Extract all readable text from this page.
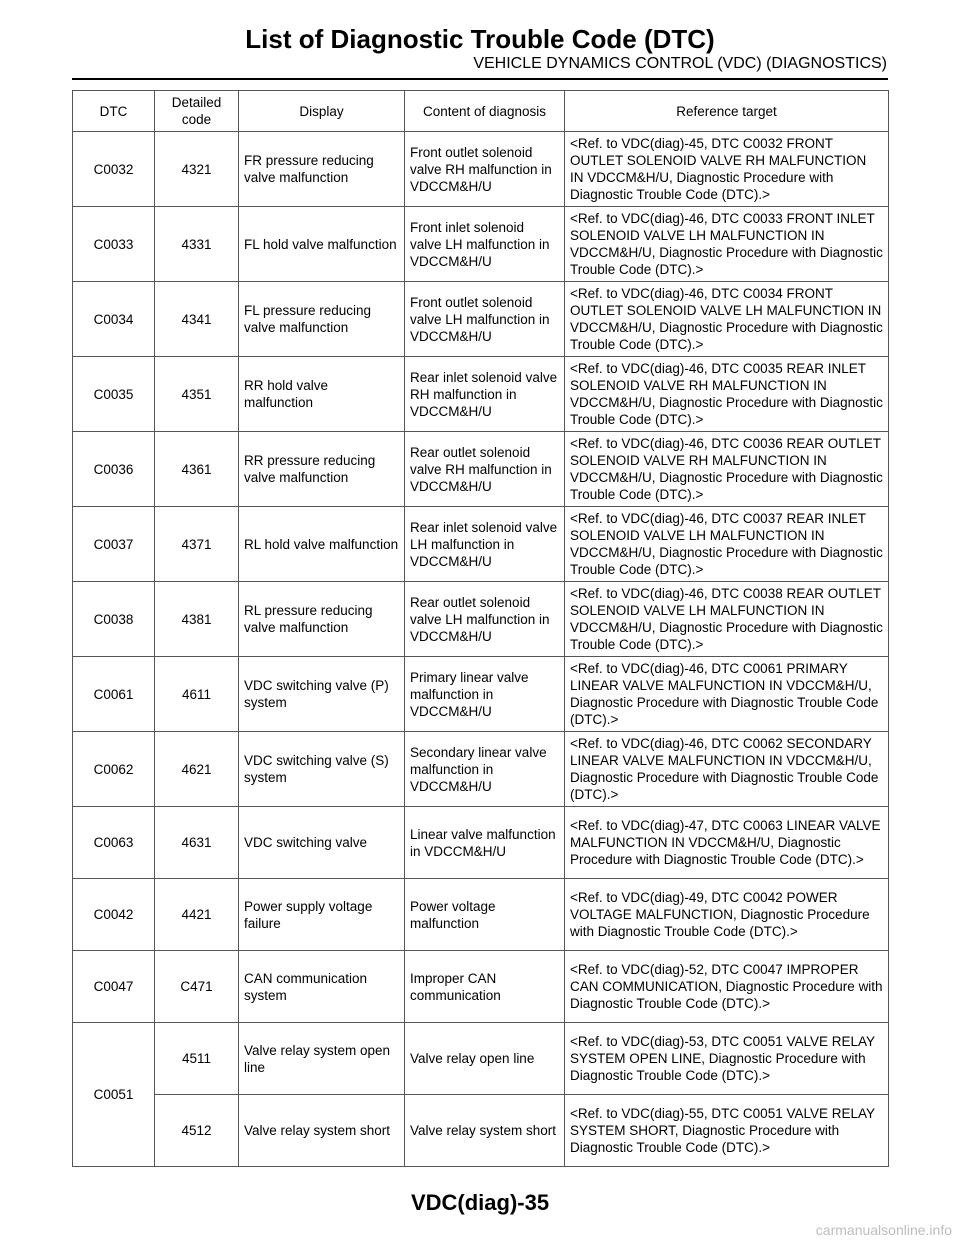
List of Diagnostic Trouble Code (DTC)
VEHICLE DYNAMICS CONTROL (VDC) (DIAGNOSTICS)
DTC	Detailed code	Display	Content of diagnosis	Reference target
C0032	4321	FR pressure reducing valve malfunction	Front outlet solenoid valve RH malfunction in VDCCM&H/U	<Ref. to VDC(diag)-45, DTC C0032 FRONT OUTLET SOLENOID VALVE RH MALFUNCTION IN VDCCM&H/U, Diagnostic Procedure with Diagnostic Trouble Code (DTC).>
C0033	4331	FL hold valve malfunction	Front inlet solenoid valve LH malfunction in VDCCM&H/U	<Ref. to VDC(diag)-46, DTC C0033 FRONT INLET SOLENOID VALVE LH MALFUNCTION IN VDCCM&H/U, Diagnostic Procedure with Diagnostic Trouble Code (DTC).>
C0034	4341	FL pressure reducing valve malfunction	Front outlet solenoid valve LH malfunction in VDCCM&H/U	<Ref. to VDC(diag)-46, DTC C0034 FRONT OUTLET SOLENOID VALVE LH MALFUNCTION IN VDCCM&H/U, Diagnostic Procedure with Diagnostic Trouble Code (DTC).>
C0035	4351	RR hold valve malfunction	Rear inlet solenoid valve RH malfunction in VDCCM&H/U	<Ref. to VDC(diag)-46, DTC C0035 REAR INLET SOLENOID VALVE RH MALFUNCTION IN VDCCM&H/U, Diagnostic Procedure with Diagnostic Trouble Code (DTC).>
C0036	4361	RR pressure reducing valve malfunction	Rear outlet solenoid valve RH malfunction in VDCCM&H/U	<Ref. to VDC(diag)-46, DTC C0036 REAR OUTLET SOLENOID VALVE RH MALFUNCTION IN VDCCM&H/U, Diagnostic Procedure with Diagnostic Trouble Code (DTC).>
C0037	4371	RL hold valve malfunction	Rear inlet solenoid valve LH malfunction in VDCCM&H/U	<Ref. to VDC(diag)-46, DTC C0037 REAR INLET SOLENOID VALVE LH MALFUNCTION IN VDCCM&H/U, Diagnostic Procedure with Diagnostic Trouble Code (DTC).>
C0038	4381	RL pressure reducing valve malfunction	Rear outlet solenoid valve LH malfunction in VDCCM&H/U	<Ref. to VDC(diag)-46, DTC C0038 REAR OUTLET SOLENOID VALVE LH MALFUNCTION IN VDCCM&H/U, Diagnostic Procedure with Diagnostic Trouble Code (DTC).>
C0061	4611	VDC switching valve (P) system	Primary linear valve malfunction in VDCCM&H/U	<Ref. to VDC(diag)-46, DTC C0061 PRIMARY LINEAR VALVE MALFUNCTION IN VDCCM&H/U, Diagnostic Procedure with Diagnostic Trouble Code (DTC).>
C0062	4621	VDC switching valve (S) system	Secondary linear valve malfunction in VDCCM&H/U	<Ref. to VDC(diag)-46, DTC C0062 SECONDARY LINEAR VALVE MALFUNCTION IN VDCCM&H/U, Diagnostic Procedure with Diagnostic Trouble Code (DTC).>
C0063	4631	VDC switching valve	Linear valve malfunction in VDCCM&H/U	<Ref. to VDC(diag)-47, DTC C0063 LINEAR VALVE MALFUNCTION IN VDCCM&H/U, Diagnostic Procedure with Diagnostic Trouble Code (DTC).>
C0042	4421	Power supply voltage failure	Power voltage malfunction	<Ref. to VDC(diag)-49, DTC C0042 POWER VOLTAGE MALFUNCTION, Diagnostic Procedure with Diagnostic Trouble Code (DTC).>
C0047	C471	CAN communication system	Improper CAN communication	<Ref. to VDC(diag)-52, DTC C0047 IMPROPER CAN COMMUNICATION, Diagnostic Procedure with Diagnostic Trouble Code (DTC).>
C0051	4511	Valve relay system open line	Valve relay open line	<Ref. to VDC(diag)-53, DTC C0051 VALVE RELAY SYSTEM OPEN LINE, Diagnostic Procedure with Diagnostic Trouble Code (DTC).>
	4512	Valve relay system short	Valve relay system short	<Ref. to VDC(diag)-55, DTC C0051 VALVE RELAY SYSTEM SHORT, Diagnostic Procedure with Diagnostic Trouble Code (DTC).>
VDC(diag)-35
carmanualsonline.info
